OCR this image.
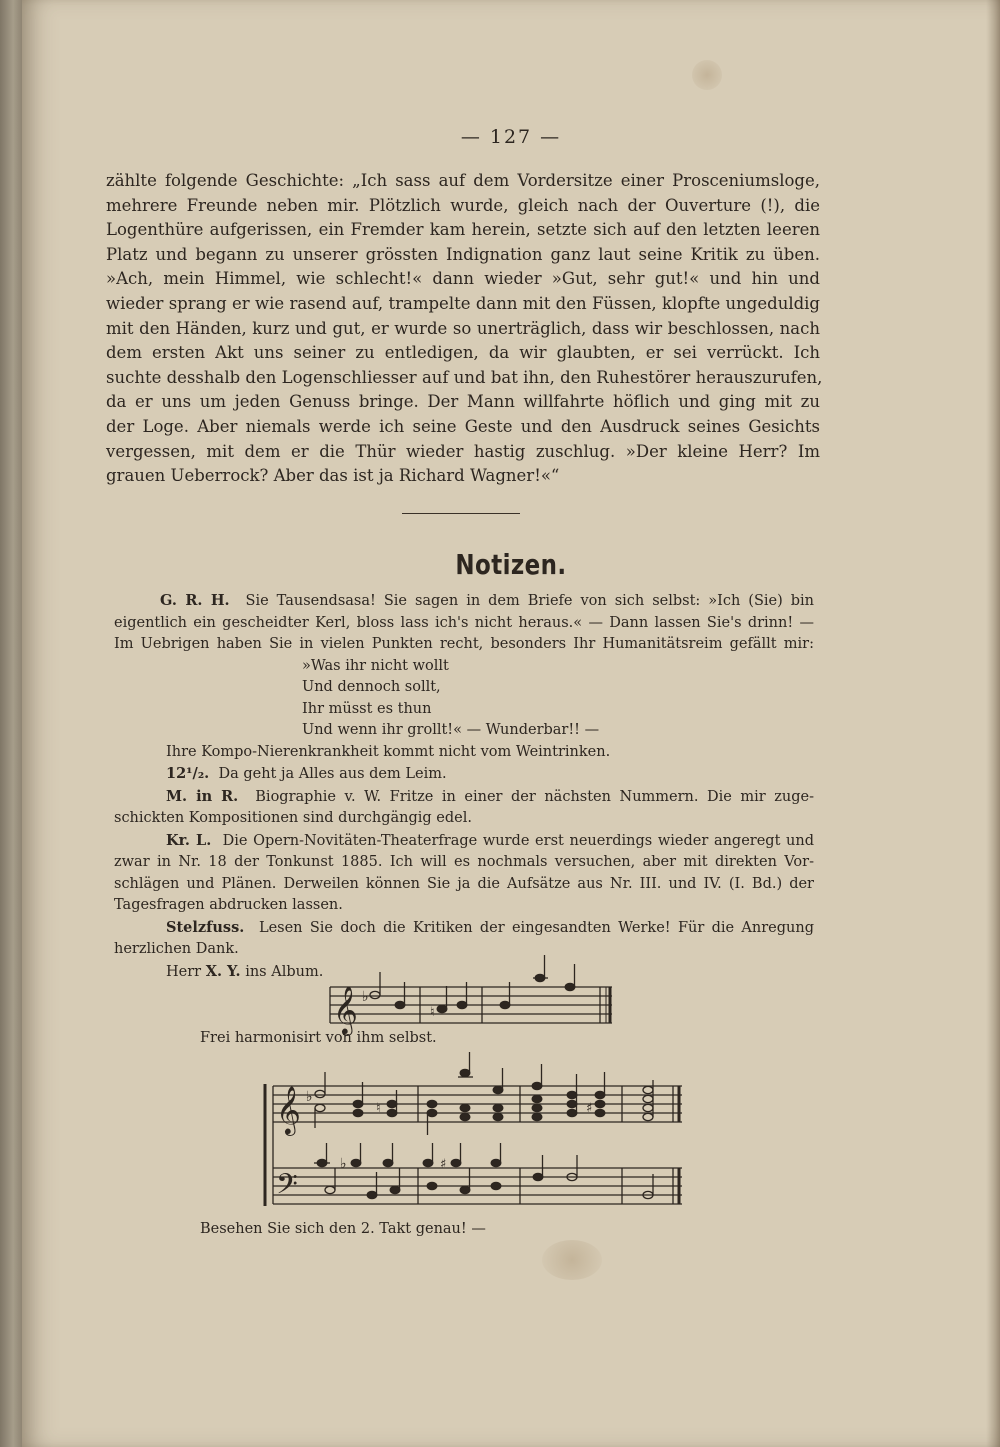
— 127 —
zählte folgende Geschichte: „Ich sass auf dem Vordersitze einer Prosceniumsloge,
mehrere Freunde neben mir. Plötzlich wurde, gleich nach der Ouverture (!), die
Logenthüre aufgerissen, ein Fremder kam herein, setzte sich auf den letzten leeren
Platz und begann zu unserer grössten Indignation ganz laut seine Kritik zu üben.
»Ach, mein Himmel, wie schlecht!« dann wieder »Gut, sehr gut!« und hin und
wieder sprang er wie rasend auf, trampelte dann mit den Füssen, klopfte ungeduldig
mit den Händen, kurz und gut, er wurde so unerträglich, dass wir beschlossen, nach
dem ersten Akt uns seiner zu entledigen, da wir glaubten, er sei verrückt. Ich
suchte desshalb den Logenschliesser auf und bat ihn, den Ruhestörer herauszurufen,
da er uns um jeden Genuss bringe. Der Mann willfahrte höflich und ging mit zu
der Loge. Aber niemals werde ich seine Geste und den Ausdruck seines Gesichts
vergessen, mit dem er die Thür wieder hastig zuschlug. »Der kleine Herr? Im
grauen Ueberrock? Aber das ist ja Richard Wagner!«“
Notizen.
G. R. H. Sie Tausendsasa! Sie sagen in dem Briefe von sich selbst: »Ich (Sie) bin
eigentlich ein gescheidter Kerl, bloss lass ich's nicht heraus.« — Dann lassen Sie's drinn! —
Im Uebrigen haben Sie in vielen Punkten recht, besonders Ihr Humanitätsreim gefällt mir:
»Was ihr nicht wollt
Und dennoch sollt,
Ihr müsst es thun
Und wenn ihr grollt!« — Wunderbar!! —
Ihre Kompo-Nierenkrankheit kommt nicht vom Weintrinken.
12¹/₂. Da geht ja Alles aus dem Leim.
M. in R. Biographie v. W. Fritze in einer der nächsten Nummern. Die mir zuge-
schickten Kompositionen sind durchgängig edel.
Kr. L. Die Opern-Novitäten-Theaterfrage wurde erst neuerdings wieder angeregt und
zwar in Nr. 18 der Tonkunst 1885. Ich will es nochmals versuchen, aber mit direkten Vor-
schlägen und Plänen. Derweilen können Sie ja die Aufsätze aus Nr. III. und IV. (I. Bd.) der
Tagesfragen abdrucken lassen.
Stelzfuss. Lesen Sie doch die Kritiken der eingesandten Werke! Für die Anregung
herzlichen Dank.
Herr X. Y. ins Album.
𝄞 ♭
♮
𝄞
𝄢
♭
♮	♯
♭	♯
Frei harmonisirt von ihm selbst.
Besehen Sie sich den 2. Takt genau! —
